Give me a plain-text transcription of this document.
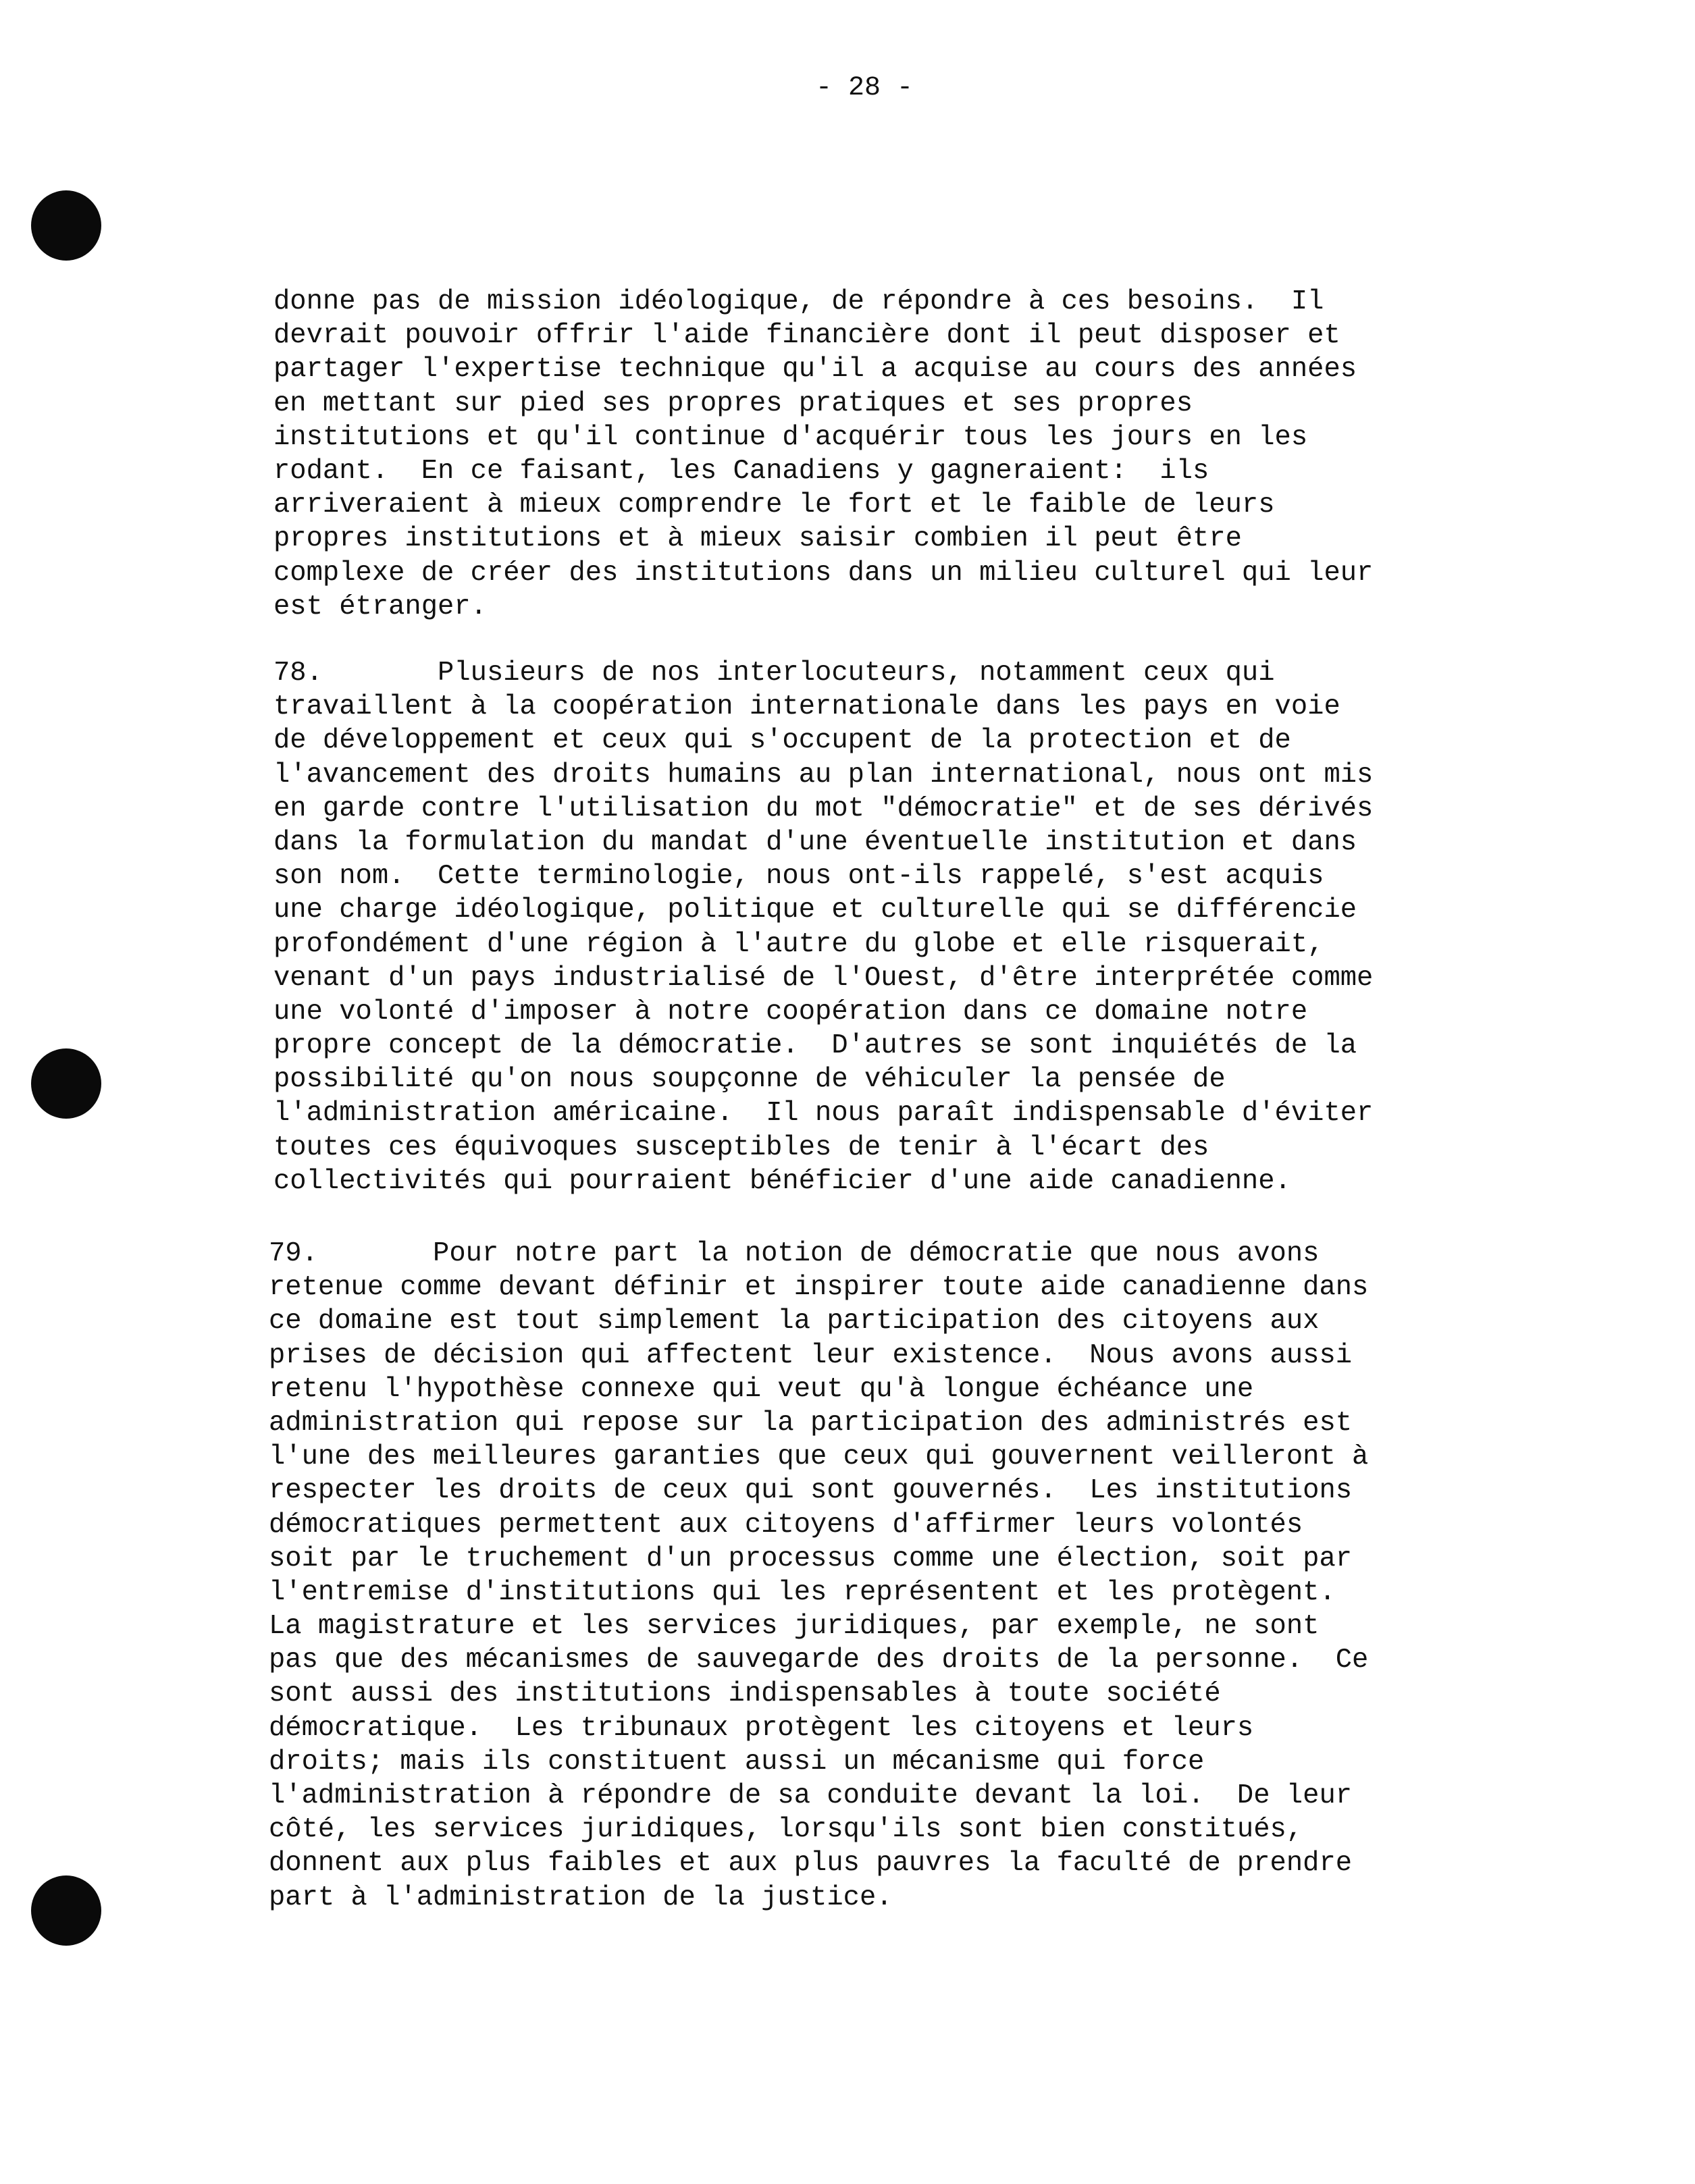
- 28 -
donne pas de mission idéologique, de répondre à ces besoins.  Il
devrait pouvoir offrir l'aide financière dont il peut disposer et
partager l'expertise technique qu'il a acquise au cours des années
en mettant sur pied ses propres pratiques et ses propres
institutions et qu'il continue d'acquérir tous les jours en les
rodant.  En ce faisant, les Canadiens y gagneraient:  ils
arriveraient à mieux comprendre le fort et le faible de leurs
propres institutions et à mieux saisir combien il peut être
complexe de créer des institutions dans un milieu culturel qui leur
est étranger.
78.       Plusieurs de nos interlocuteurs, notamment ceux qui
travaillent à la coopération internationale dans les pays en voie
de développement et ceux qui s'occupent de la protection et de
l'avancement des droits humains au plan international, nous ont mis
en garde contre l'utilisation du mot "démocratie" et de ses dérivés
dans la formulation du mandat d'une éventuelle institution et dans
son nom.  Cette terminologie, nous ont-ils rappelé, s'est acquis
une charge idéologique, politique et culturelle qui se différencie
profondément d'une région à l'autre du globe et elle risquerait,
venant d'un pays industrialisé de l'Ouest, d'être interprétée comme
une volonté d'imposer à notre coopération dans ce domaine notre
propre concept de la démocratie.  D'autres se sont inquiétés de la
possibilité qu'on nous soupçonne de véhiculer la pensée de
l'administration américaine.  Il nous paraît indispensable d'éviter
toutes ces équivoques susceptibles de tenir à l'écart des
collectivités qui pourraient bénéficier d'une aide canadienne.
79.       Pour notre part la notion de démocratie que nous avons
retenue comme devant définir et inspirer toute aide canadienne dans
ce domaine est tout simplement la participation des citoyens aux
prises de décision qui affectent leur existence.  Nous avons aussi
retenu l'hypothèse connexe qui veut qu'à longue échéance une
administration qui repose sur la participation des administrés est
l'une des meilleures garanties que ceux qui gouvernent veilleront à
respecter les droits de ceux qui sont gouvernés.  Les institutions
démocratiques permettent aux citoyens d'affirmer leurs volontés
soit par le truchement d'un processus comme une élection, soit par
l'entremise d'institutions qui les représentent et les protègent.
La magistrature et les services juridiques, par exemple, ne sont
pas que des mécanismes de sauvegarde des droits de la personne.  Ce
sont aussi des institutions indispensables à toute société
démocratique.  Les tribunaux protègent les citoyens et leurs
droits; mais ils constituent aussi un mécanisme qui force
l'administration à répondre de sa conduite devant la loi.  De leur
côté, les services juridiques, lorsqu'ils sont bien constitués,
donnent aux plus faibles et aux plus pauvres la faculté de prendre
part à l'administration de la justice.
